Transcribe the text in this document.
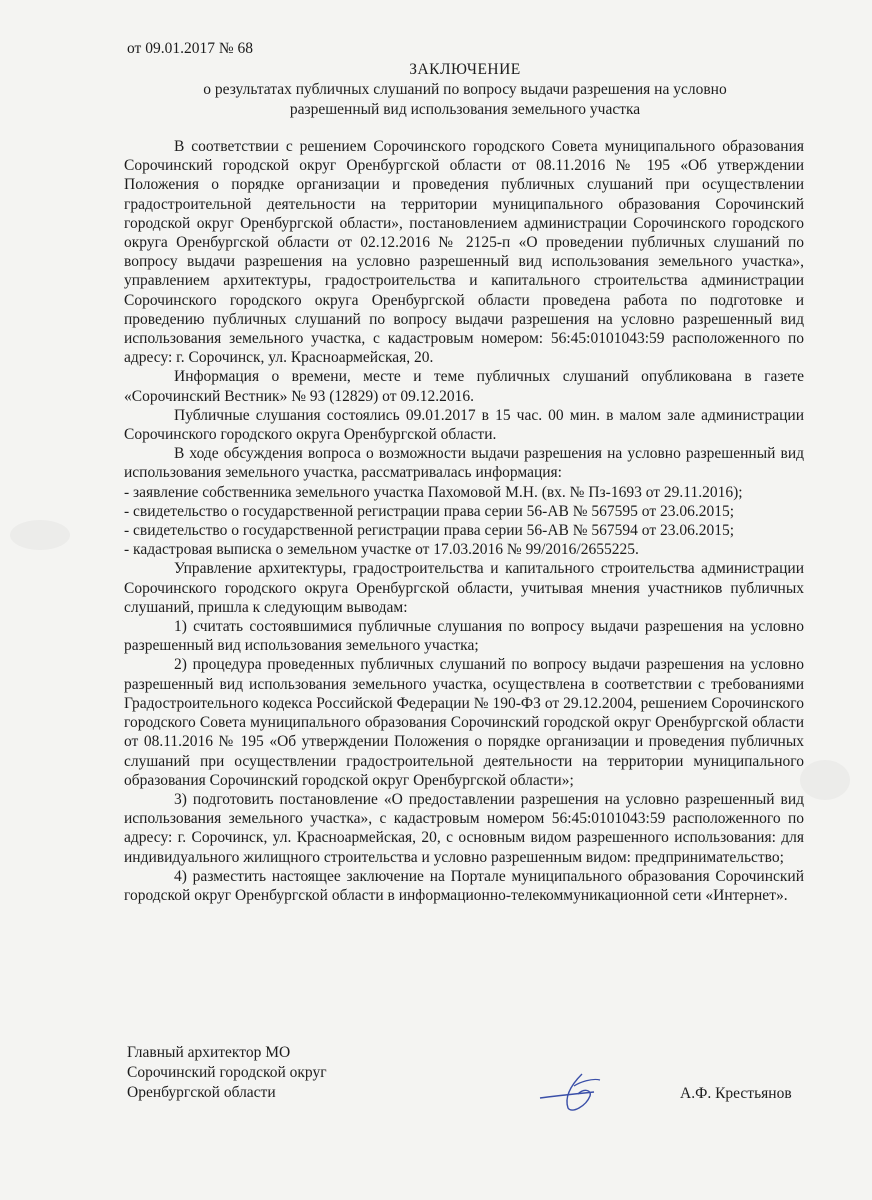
от 09.01.2017 № 68
ЗАКЛЮЧЕНИЕ
о результатах публичных слушаний по вопросу выдачи разрешения на условно
разрешенный вид использования земельного участка

В соответствии с решением Сорочинского городского Совета муниципального образования Сорочинский городской округ Оренбургской области от 08.11.2016 № 195 «Об утверждении Положения о порядке организации и проведения публичных слушаний при осуществлении градостроительной деятельности на территории муниципального образования Сорочинский городской округ Оренбургской области», постановлением администрации Сорочинского городского округа Оренбургской области от 02.12.2016 № 2125-п «О проведении публичных слушаний по вопросу выдачи разрешения на условно разрешенный вид использования земельного участка», управлением архитектуры, градостроительства и капитального строительства администрации Сорочинского городского округа Оренбургской области проведена работа по подготовке и проведению публичных слушаний по вопросу выдачи разрешения на условно разрешенный вид использования земельного участка, с кадастровым номером: 56:45:0101043:59 расположенного по адресу: г. Сорочинск, ул. Красноармейская, 20.

Информация о времени, месте и теме публичных слушаний опубликована в газете «Сорочинский Вестник» № 93 (12829) от 09.12.2016.

Публичные слушания состоялись 09.01.2017 в 15 час. 00 мин. в малом зале администрации Сорочинского городского округа Оренбургской области.

В ходе обсуждения вопроса о возможности выдачи разрешения на условно разрешенный вид использования земельного участка, рассматривалась информация:

- заявление собственника земельного участка Пахомовой М.Н. (вх. № Пз-1693 от 29.11.2016);

- свидетельство о государственной регистрации права серии 56-АВ № 567595 от 23.06.2015;

- свидетельство о государственной регистрации права серии 56-АВ № 567594 от 23.06.2015;

- кадастровая выписка о земельном участке от 17.03.2016 № 99/2016/2655225.

Управление архитектуры, градостроительства и капитального строительства администрации Сорочинского городского округа Оренбургской области, учитывая мнения участников публичных слушаний, пришла к следующим выводам:

1) считать состоявшимися публичные слушания по вопросу выдачи разрешения на условно разрешенный вид использования земельного участка;

2) процедура проведенных публичных слушаний по вопросу выдачи разрешения на условно разрешенный вид использования земельного участка, осуществлена в соответствии с требованиями Градостроительного кодекса Российской Федерации № 190-ФЗ от 29.12.2004, решением Сорочинского городского Совета муниципального образования Сорочинский городской округ Оренбургской области от 08.11.2016 № 195 «Об утверждении Положения о порядке организации и проведения публичных слушаний при осуществлении градостроительной деятельности на территории муниципального образования Сорочинский городской округ Оренбургской области»;

3) подготовить постановление «О предоставлении разрешения на условно разрешенный вид использования земельного участка», с кадастровым номером 56:45:0101043:59 расположенного по адресу: г. Сорочинск, ул. Красноармейская, 20, с основным видом разрешенного использования: для индивидуального жилищного строительства и условно разрешенным видом: предпринимательство;

4) разместить настоящее заключение на Портале муниципального образования Сорочинский городской округ Оренбургской области в информационно-телекоммуникационной сети «Интернет».

Главный архитектор МО
Сорочинский городской округ
Оренбургской области	А.Ф. Крестьянов
